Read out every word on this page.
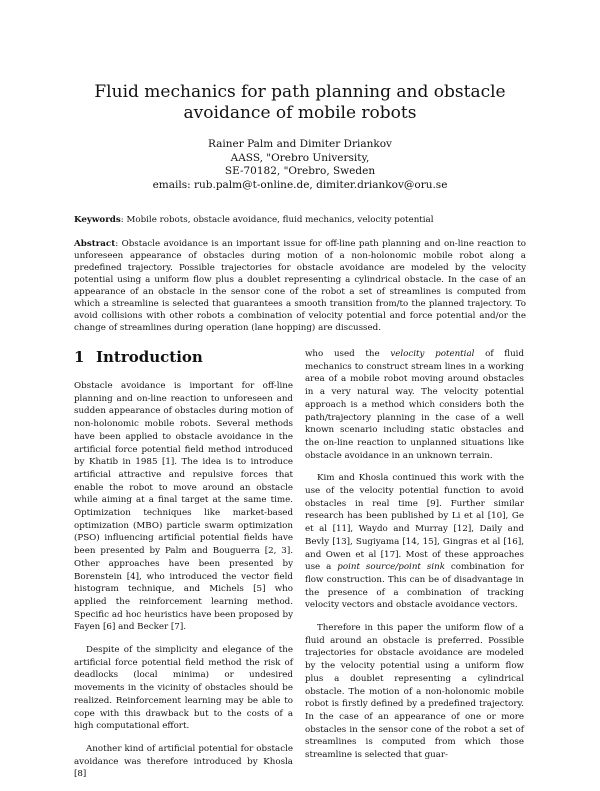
Fluid mechanics for path planning and obstacle avoidance of mobile robots
Rainer Palm and Dimiter Driankov
AASS, "Orebro University,
SE-70182, "Orebro, Sweden
emails: rub.palm@t-online.de, dimiter.driankov@oru.se
Keywords: Mobile robots, obstacle avoidance, fluid mechanics, velocity potential
Abstract: Obstacle avoidance is an important issue for off-line path planning and on-line reaction to unforeseen appearance of obstacles during motion of a non-holonomic mobile robot along a predefined trajectory. Possible trajectories for obstacle avoidance are modeled by the velocity potential using a uniform flow plus a doublet representing a cylindrical obstacle. In the case of an appearance of an obstacle in the sensor cone of the robot a set of streamlines is computed from which a streamline is selected that guarantees a smooth transition from/to the planned trajectory. To avoid collisions with other robots a combination of velocity potential and force potential and/or the change of streamlines during operation (lane hopping) are discussed.
1 Introduction

Obstacle avoidance is important for off-line planning and on-line reaction to unforeseen and sudden appearance of obstacles during motion of non-holonomic mobile robots. Several methods have been applied to obstacle avoidance in the artificial force potential field method introduced by Khatib in 1985 [1]. The idea is to introduce artificial attractive and repulsive forces that enable the robot to move around an obstacle while aiming at a final target at the same time. Optimization techniques like market-based optimization (MBO) particle swarm optimization (PSO) influencing artificial potential fields have been presented by Palm and Bouguerra [2, 3]. Other approaches have been presented by Borenstein [4], who introduced the vector field histogram technique, and Michels [5] who applied the reinforcement learning method. Specific ad hoc heuristics have been proposed by Fayen [6] and Becker [7].

Despite of the simplicity and elegance of the artificial force potential field method the risk of deadlocks (local minima) or undesired movements in the vicinity of obstacles should be realized. Reinforcement learning may be able to cope with this drawback but to the costs of a high computational effort.

Another kind of artificial potential for obstacle avoidance was therefore introduced by Khosla [8]

who used the velocity potential of fluid mechanics to construct stream lines in a working area of a mobile robot moving around obstacles in a very natural way. The velocity potential approach is a method which considers both the path/trajectory planning in the case of a well known scenario including static obstacles and the on-line reaction to unplanned situations like obstacle avoidance in an unknown terrain.

Kim and Khosla continued this work with the use of the velocity potential function to avoid obstacles in real time [9]. Further similar research has been published by Li et al [10], Ge et al [11], Waydo and Murray [12], Daily and Bevly [13], Sugiyama [14, 15], Gingras et al [16], and Owen et al [17]. Most of these approaches use a point source/point sink combination for flow construction. This can be of disadvantage in the presence of a combination of tracking velocity vectors and obstacle avoidance vectors.

Therefore in this paper the uniform flow of a fluid around an obstacle is preferred. Possible trajectories for obstacle avoidance are modeled by the velocity potential using a uniform flow plus a doublet representing a cylindrical obstacle. The motion of a non-holonomic mobile robot is firstly defined by a predefined trajectory. In the case of an appearance of one or more obstacles in the sensor cone of the robot a set of streamlines is computed from which those streamline is selected that guar-
